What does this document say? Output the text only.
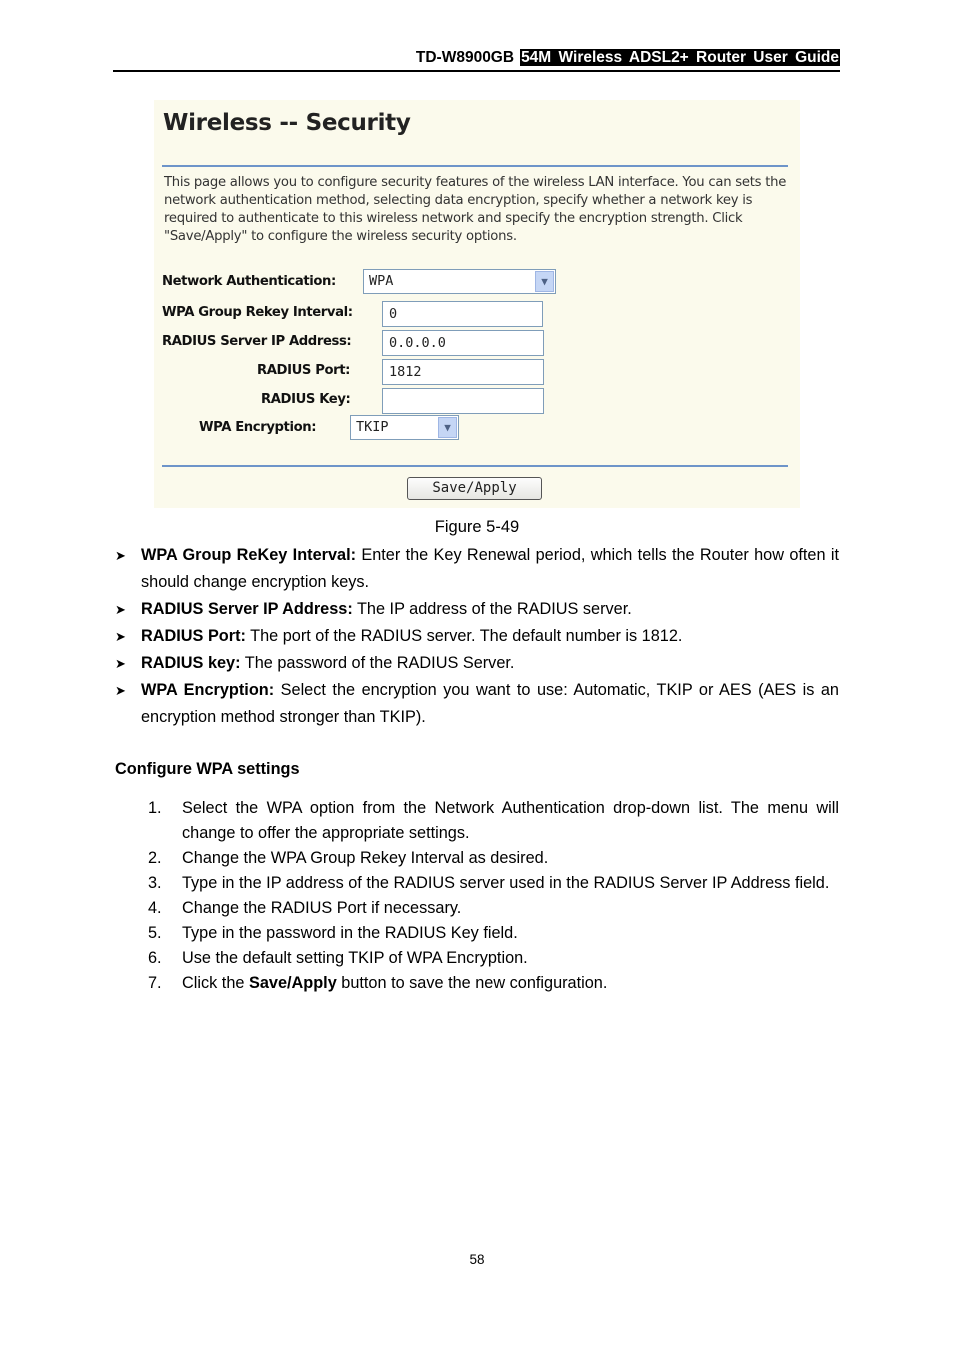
TD-W8900GB 54M Wireless ADSL2+ Router User Guide
Wireless -- Security

This page allows you to configure security features of the wireless LAN interface. You can sets the network authentication method, selecting data encryption, specify whether a network key is required to authenticate to this wireless network and specify the encryption strength. Click "Save/Apply" to configure the wireless security options.

Network Authentication:	WPA	▼
WPA Group Rekey Interval:	0
RADIUS Server IP Address:	0.0.0.0
RADIUS Port:	1812
RADIUS Key:
WPA Encryption:	TKIP	▼
Save/Apply
Figure 5-49
➤ WPA Group ReKey Interval: Enter the Key Renewal period, which tells the Router how often it should change encryption keys.
➤ RADIUS Server IP Address: The IP address of the RADIUS server.
➤ RADIUS Port: The port of the RADIUS server. The default number is 1812.
➤ RADIUS key: The password of the RADIUS Server.
➤ WPA Encryption: Select the encryption you want to use: Automatic, TKIP or AES (AES is an encryption method stronger than TKIP).
Configure WPA settings
1. Select the WPA option from the Network Authentication drop-down list. The menu will change to offer the appropriate settings.
2. Change the WPA Group Rekey Interval as desired.
3. Type in the IP address of the RADIUS server used in the RADIUS Server IP Address field.
4. Change the RADIUS Port if necessary.
5. Type in the password in the RADIUS Key field.
6. Use the default setting TKIP of WPA Encryption.
7. Click the Save/Apply button to save the new configuration.
58
